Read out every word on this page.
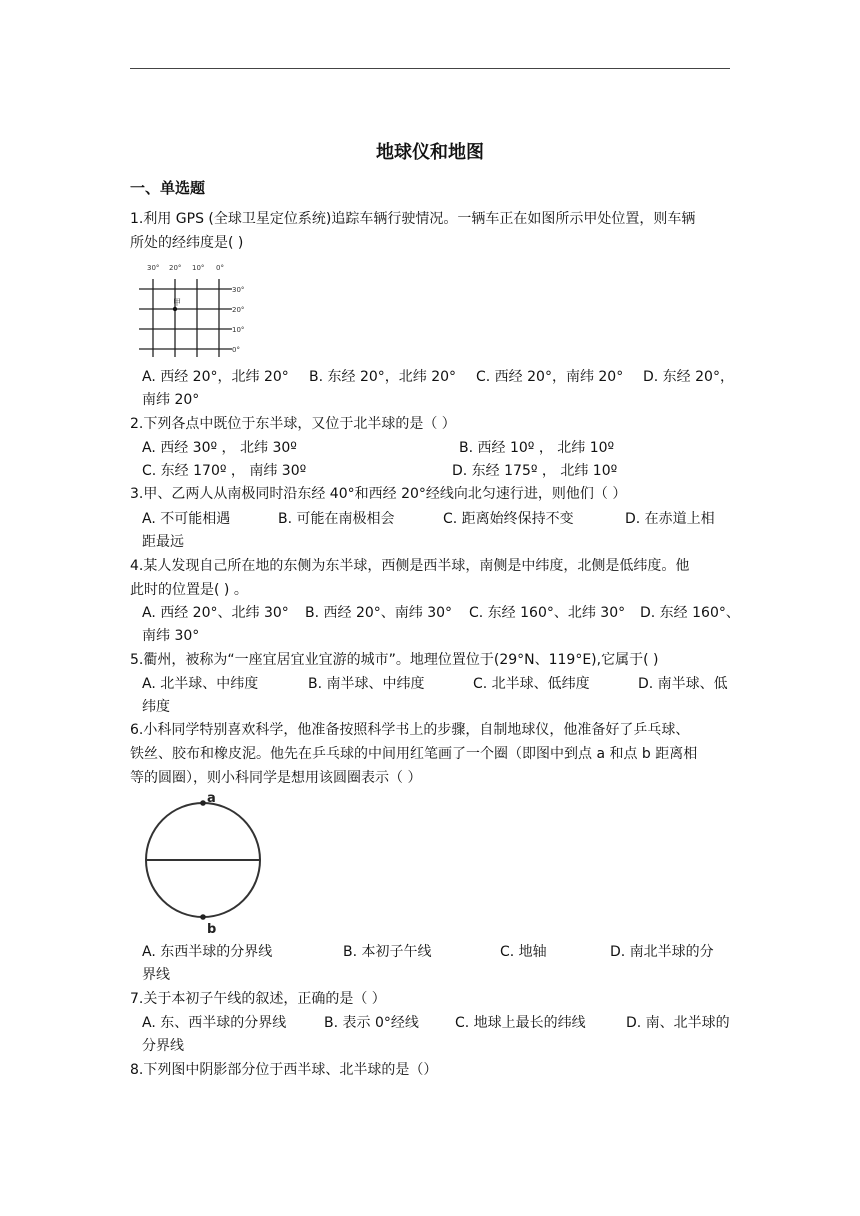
地球仪和地图
一、单选题
1.利用 GPS (全球卫星定位系统)追踪车辆行驶情况。一辆车正在如图所示甲处位置，则车辆
所处的经纬度是( )
30° 20° 10° 0°
30°
20°
10°
0°
甲
A. 西经 20°，北纬 20° B. 东经 20°，北纬 20° C. 西经 20°，南纬 20° D. 东经 20°，
南纬 20°
2.下列各点中既位于东半球，又位于北半球的是（ ）
A. 西经 30º ， 北纬 30º	B. 西经 10º ， 北纬 10º
C. 东经 170º ， 南纬 30º	D. 东经 175º ， 北纬 10º
3.甲、乙两人从南极同时沿东经 40°和西经 20°经线向北匀速行进，则他们（ ）
A. 不可能相遇	B. 可能在南极相会	C. 距离始终保持不变	D. 在赤道上相
距最远
4.某人发现自己所在地的东侧为东半球，西侧是西半球，南侧是中纬度，北侧是低纬度。他
此时的位置是( ) 。
A. 西经 20°、北纬 30° B. 西经 20°、南纬 30° C. 东经 160°、北纬 30° D. 东经 160°、
南纬 30°
5.衢州，被称为“一座宜居宜业宜游的城市”。地理位置位于(29°N、119°E),它属于( )
A. 北半球、中纬度	B. 南半球、中纬度	C. 北半球、低纬度	D. 南半球、低
纬度
6.小科同学特别喜欢科学，他准备按照科学书上的步骤，自制地球仪，他准备好了乒乓球、
铁丝、胶布和橡皮泥。他先在乒乓球的中间用红笔画了一个圈（即图中到点 a 和点 b 距离相
等的圆圈），则小科同学是想用该圆圈表示（ ）
a
b
A. 东西半球的分界线	B. 本初子午线	C. 地轴	D. 南北半球的分
界线
7.关于本初子午线的叙述，正确的是（ ）
A. 东、西半球的分界线	B. 表示 0°经线	C. 地球上最长的纬线	D. 南、北半球的
分界线
8.下列图中阴影部分位于西半球、北半球的是（）
